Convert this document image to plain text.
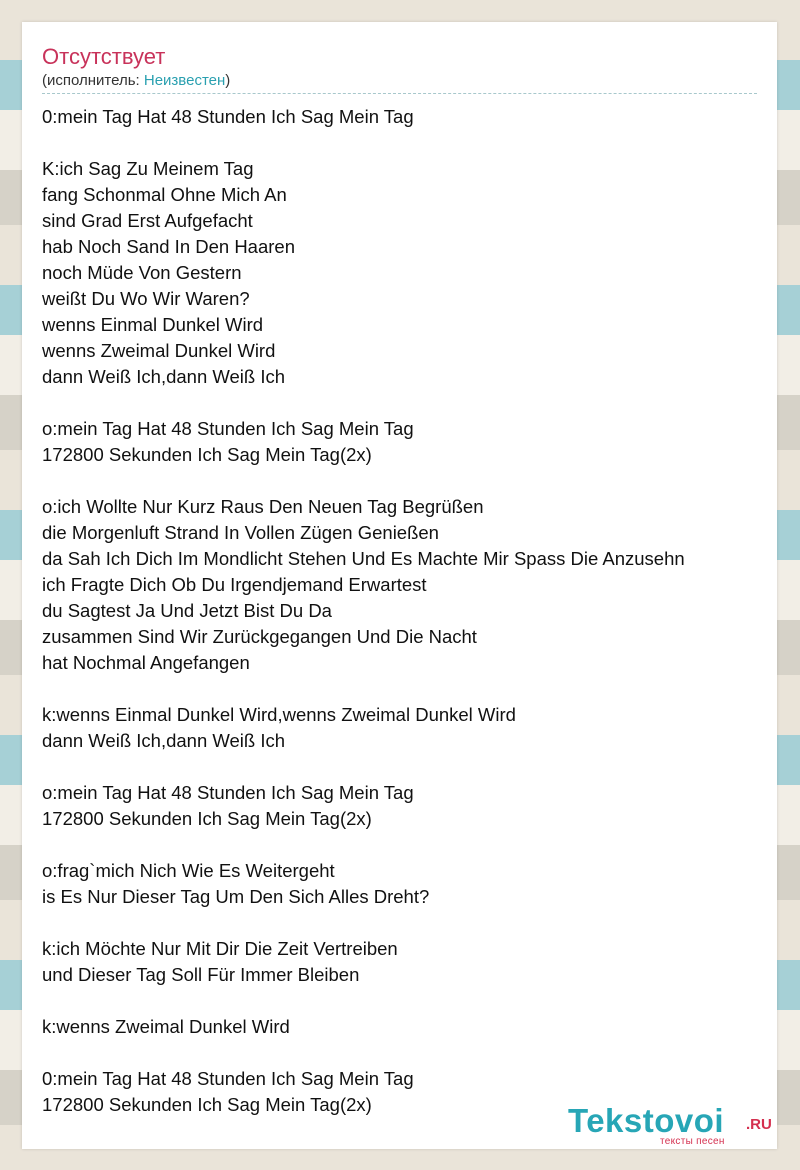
Отсутствует
(исполнитель: Неизвестен)
0:mein Tag Hat 48 Stunden Ich Sag Mein Tag
K:ich Sag Zu Meinem Tag
fang Schonmal Ohne Mich An
sind Grad Erst Aufgefacht
hab Noch Sand In Den Haaren
noch Müde Von Gestern
weißt Du Wo Wir Waren?
wenns Einmal Dunkel Wird
wenns Zweimal Dunkel Wird
dann Weiß Ich,dann Weiß Ich
o:mein Tag Hat 48 Stunden Ich Sag Mein Tag
172800 Sekunden Ich Sag Mein Tag(2x)
o:ich Wollte Nur Kurz Raus Den Neuen Tag Begrüßen
die Morgenluft Strand In Vollen Zügen Genießen
da Sah Ich Dich Im Mondlicht Stehen Und Es Machte Mir Spass Die Anzusehn
ich Fragte Dich Ob Du Irgendjemand Erwartest
du Sagtest Ja Und Jetzt Bist Du Da
zusammen Sind Wir Zurückgegangen Und Die Nacht
hat Nochmal Angefangen
k:wenns Einmal Dunkel Wird,wenns Zweimal Dunkel Wird
dann Weiß Ich,dann Weiß Ich
o:mein Tag Hat 48 Stunden Ich Sag Mein Tag
172800 Sekunden Ich Sag Mein Tag(2x)
o:frag`mich Nich Wie Es Weitergeht
is Es Nur Dieser Tag Um Den Sich Alles Dreht?
k:ich Möchte Nur Mit Dir Die Zeit Vertreiben
und Dieser Tag Soll Für Immer Bleiben
k:wenns Zweimal Dunkel Wird
0:mein Tag Hat 48 Stunden Ich Sag Mein Tag
172800 Sekunden Ich Sag Mein Tag(2x)	Tekstovoi .RU
тексты песен
